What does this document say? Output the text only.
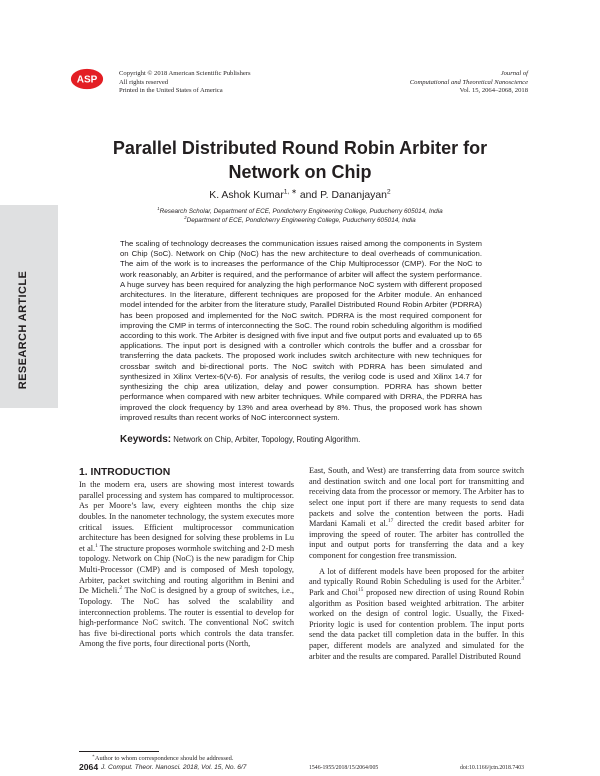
ASP
Copyright © 2018 American Scientific Publishers
All rights reserved
Printed in the United States of America
Journal of
Computational and Theoretical Nanoscience
Vol. 15, 2064–2068, 2018
RESEARCH ARTICLE
Parallel Distributed Round Robin Arbiter for Network on Chip
K. Ashok Kumar$^{1, ∗}$ and P. Dananjayan$^2$
$^1$Research Scholar, Department of ECE, Pondicherry Engineering College, Puducherry 605014, India
$^2$Department of ECE, Pondicherry Engineering College, Puducherry 605014, India

The scaling of technology decreases the communication issues raised among the components in System on Chip (SoC). Network on Chip (NoC) has the new architecture to deal overheads of communication. The aim of the work is to increases the performance of the Chip Multiprocessor (CMP). For the NoC to work reasonably, an Arbiter is required, and the performance of arbiter will affect the system performance. A huge survey has been required for analyzing the high performance NoC system with different proposed architectures. In the literature, different techniques are proposed for the Arbiter module. An enhanced model intended for the arbiter from the literature study, Parallel Distributed Round Robin Arbiter (PDRRA) has been proposed and implemented for the NoC switch. PDRRA is the most required component for improving the CMP in terms of interconnecting the SoC. The round robin scheduling algorithm is modified according to this work. The Arbiter is designed with five input and five output ports and evaluated up to 65 applications. The input port is designed with a controller which controls the buffer and a crossbar for transferring the data packets. The proposed work includes switch architecture with new techniques for crossbar switch and bi-directional ports. The NoC switch with PDRRA has been simulated and synthesized in Xilinx Vertex-6(V-6). For analysis of results, the verilog code is used and Xilinx 14.7 for synthesizing the chip area utilization, delay and power consumption. PDRRA has shown better performance when compared with new arbiter techniques. While compared with DRRA, the PDRRA has improved the clock frequency by 13% and area overhead by 8%. Thus, the proposed work has shown improved results than recent works of NoC interconnect system.

Keywords: Network on Chip, Arbiter, Topology, Routing Algorithm.
1. INTRODUCTION

In the modern era, users are showing most interest towards parallel processing and system has compared to multiprocessor. As per Moore’s law, every eighteen months the chip size doubles. In the nanometer technology, the system executes more critical issues. Efficient multiprocessor communication architecture has been designed for solving these problems in Lu et al.$^1$ The structure proposes wormhole switching and 2-D mesh topology. Network on Chip (NoC) is the new paradigm for Chip Multi-Processor (CMP) and is composed of Mesh topology, Arbiter, packet switching and routing algorithm in Benini and De Micheli.$^2$ The NoC is designed by a group of switches, i.e., Topology. The NoC has solved the scalability and interconnection problems. The router is essential to develop for high-performance NoC switch. The conventional NoC switch has five bi-directional ports which controls the data transfer. Among the five ports, four directional ports (North,

East, South, and West) are transferring data from source switch and destination switch and one local port for transmitting and receiving data from the processor or memory. The Arbiter has to select one input port if there are many requests to send data packets and solve the contention between the ports. Hadi Mardani Kamali et al.$^{17}$ directed the credit based arbiter for improving the speed of router. The arbiter has controlled the input and output ports for transferring the data and a key component for congestion free transmission.

A lot of different models have been proposed for the arbiter and typically Round Robin Scheduling is used for the Arbiter.$^3$ Park and Choi$^{15}$ proposed new direction of using Round Robin algorithm as Position based weighted arbitration. The arbiter worked on the design of control logic. Usually, the Fixed-Priority logic is used for contention problem. The input ports send the data packet till completion data in the buffer. In this paper, different models are analyzed and simulated for the arbiter and the results are compared. Parallel Distributed Round

∗Author to whom correspondence should be addressed.
2064 J. Comput. Theor. Nanosci. 2018, Vol. 15, No. 6/7	1546-1955/2018/15/2064/005	doi:10.1166/jctn.2018.7403
